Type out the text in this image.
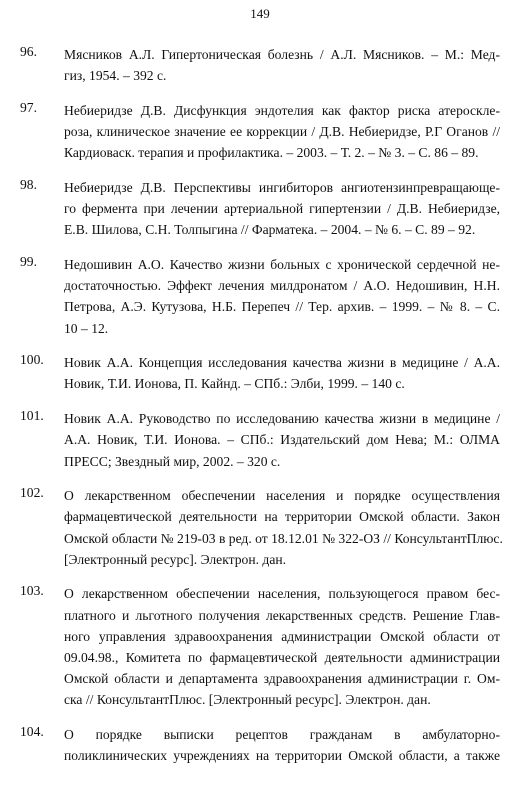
149
96.	Мясников А.Л. Гипертоническая болезнь / А.Л. Мясников. – М.: Мед-
гиз, 1954. – 392 с.
97.	Небиеридзе Д.В. Дисфункция эндотелия как фактор риска атероскле-
роза, клиническое значение ее коррекции / Д.В. Небиеридзе, Р.Г Оганов //
Кардиоваск. терапия и профилактика. – 2003. – Т. 2. – № 3. – С. 86 – 89.
98.	Небиеридзе Д.В. Перспективы ингибиторов ангиотензинпревращающе-
го фермента при лечении артериальной гипертензии / Д.В. Небиеридзе,
Е.В. Шилова, С.Н. Толпыгина // Фарматека. – 2004. – № 6. – С. 89 – 92.
99.	Недошивин А.О. Качество жизни больных с хронической сердечной не-
достаточностью. Эффект лечения милдронатом / А.О. Недошивин, Н.Н.
Петрова, А.Э. Кутузова, Н.Б. Перепеч // Тер. архив. – 1999. – № 8. – С.
10 – 12.
100.	Новик А.А. Концепция исследования качества жизни в медицине / А.А.
Новик, Т.И. Ионова, П. Кайнд. – СПб.: Элби, 1999. – 140 с.
101.	Новик А.А. Руководство по исследованию качества жизни в медицине /
А.А. Новик, Т.И. Ионова. – СПб.: Издательский дом Нева; М.: ОЛМА
ПРЕСС; Звездный мир, 2002. – 320 с.
102.	О лекарственном обеспечении населения и порядке осуществления
фармацевтической деятельности на территории Омской области. Закон
Омской области № 219-03 в ред. от 18.12.01 № 322-ОЗ // КонсультантПлюс.
[Электронный ресурс]. Электрон. дан.
103.	О лекарственном обеспечении населения, пользующегося правом бес-
платного и льготного получения лекарственных средств. Решение Глав-
ного управления здравоохранения администрации Омской области от
09.04.98., Комитета по фармацевтической деятельности администрации
Омской области и департамента здравоохранения администрации г. Ом-
ска // КонсультантПлюс. [Электронный ресурс]. Электрон. дан.
104.	О порядке выписки рецептов гражданам в амбулаторно-
поликлинических учреждениях на территории Омской области, а также
